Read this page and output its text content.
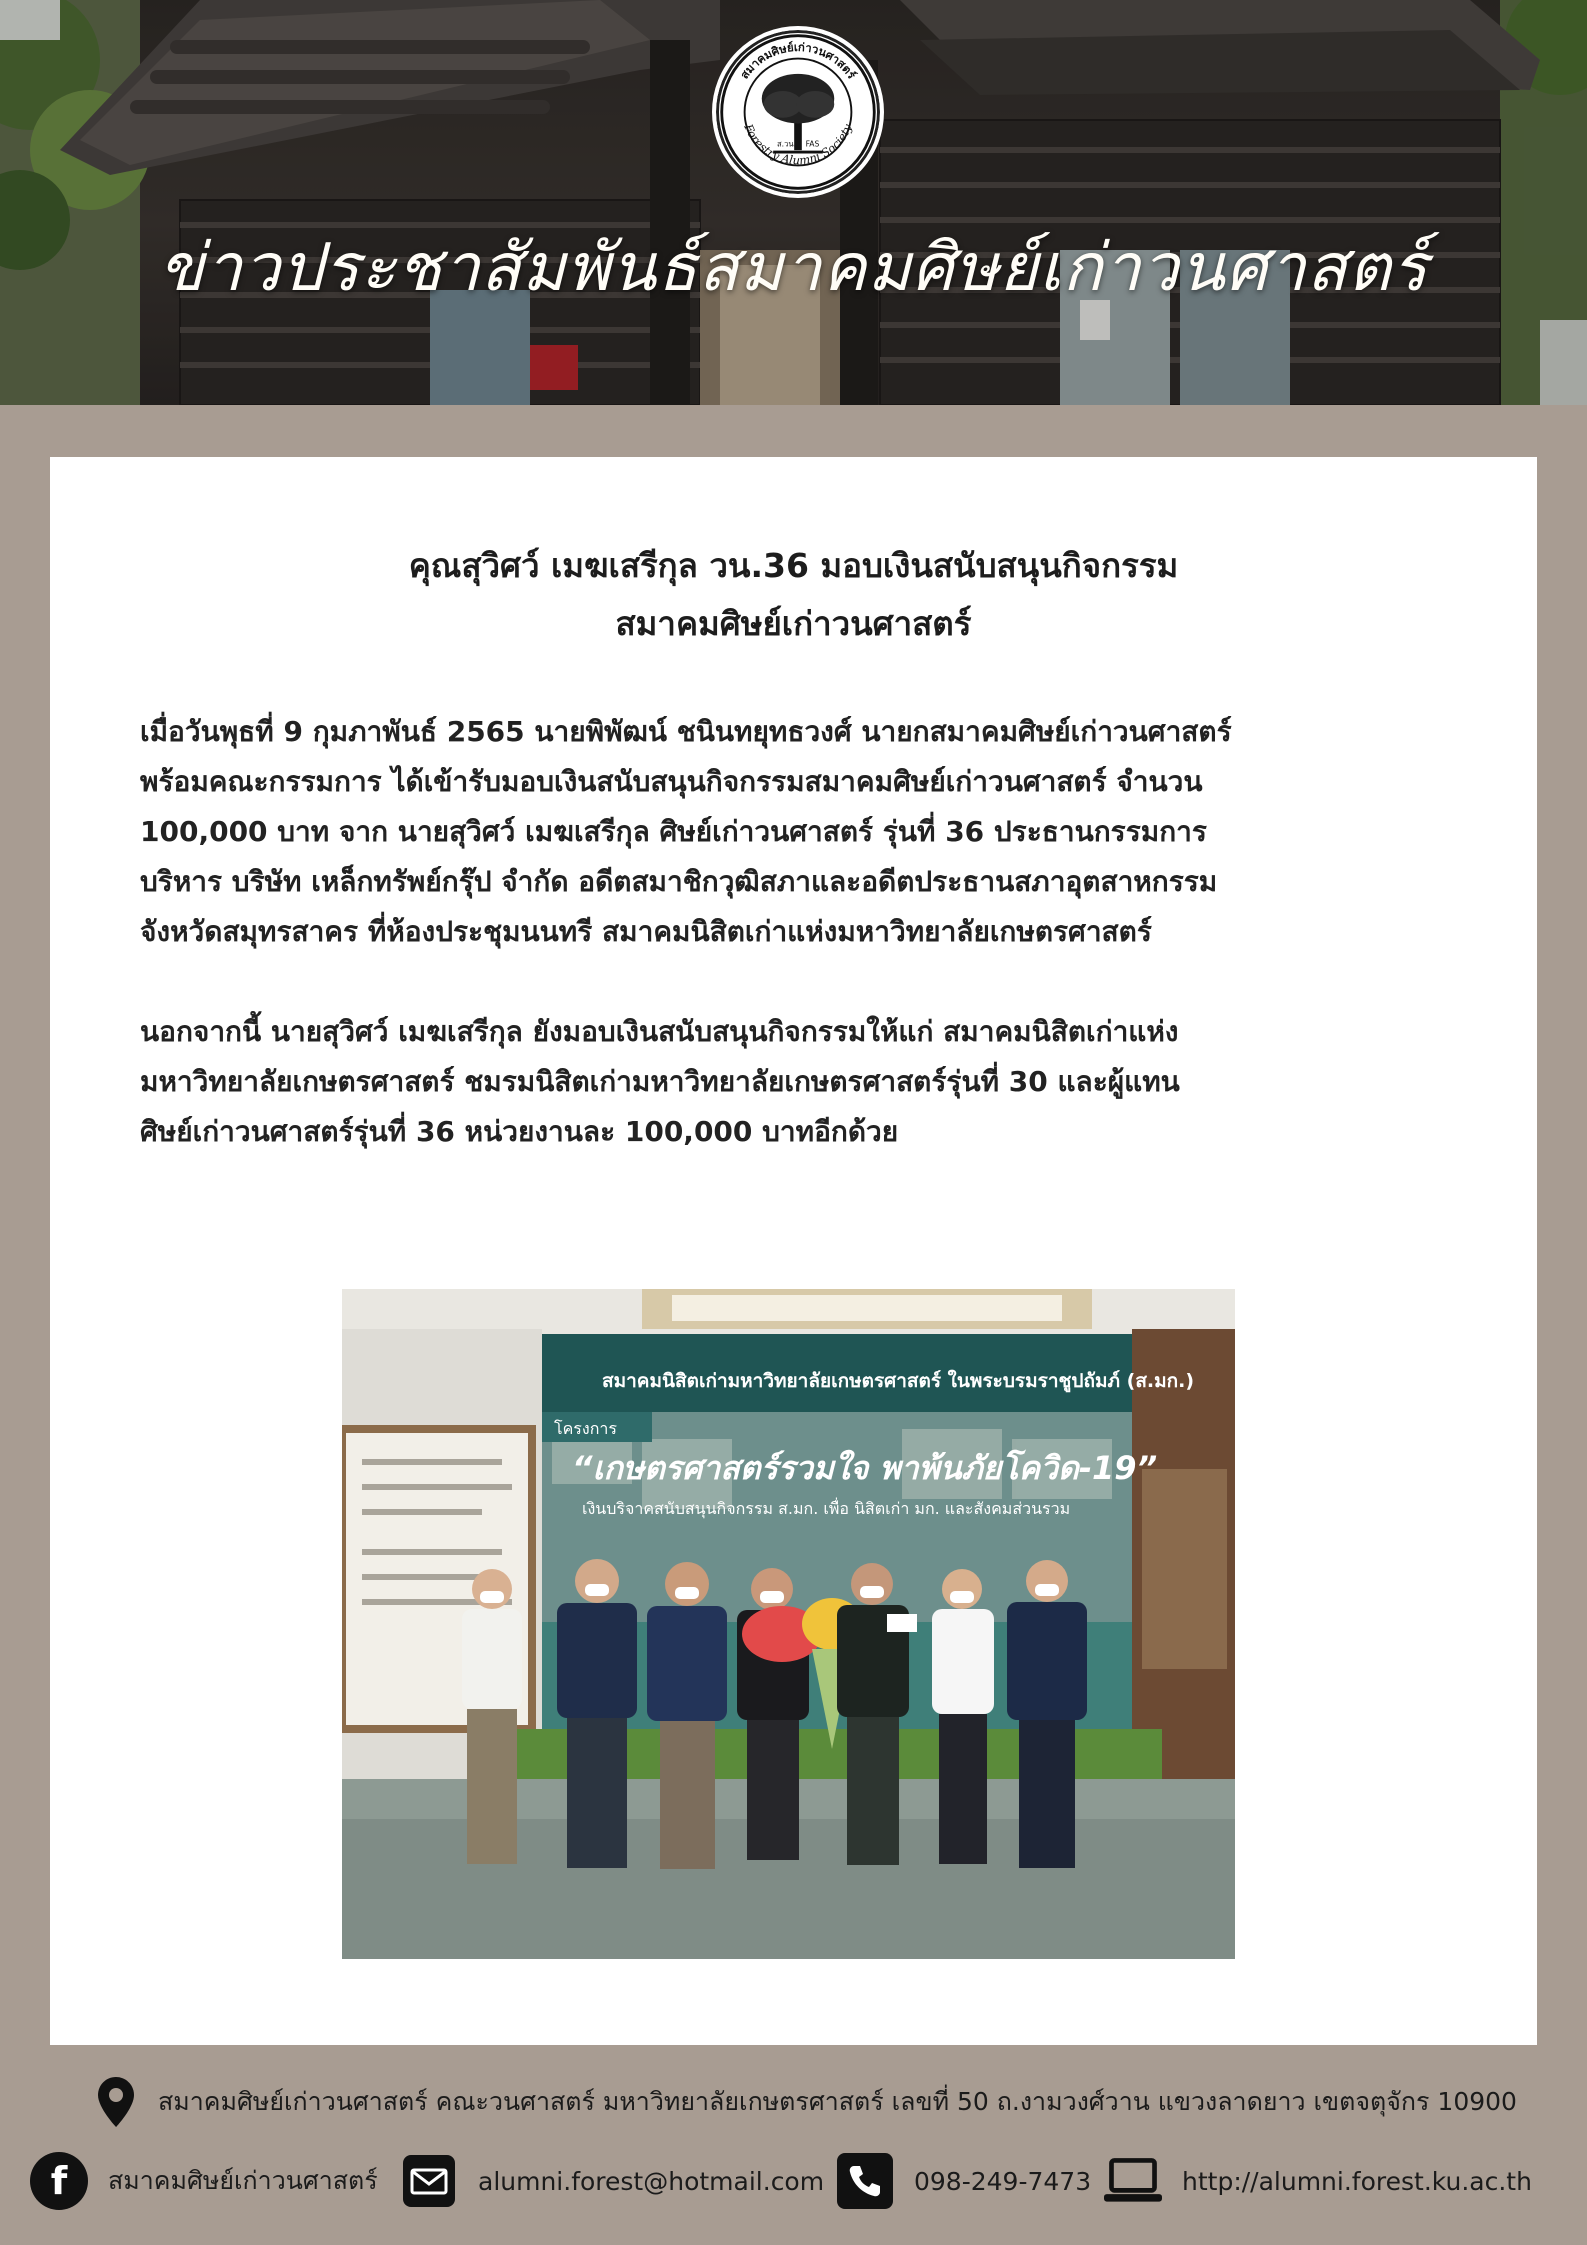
ส.วน. FAS
สมาคมศิษย์เก่าวนศาสตร์
Forestry Alumni Society
ข่าวประชาสัมพันธ์สมาคมศิษย์เก่าวนศาสตร์
คุณสุวิศว์ เมฆเสรีกุล วน.36 มอบเงินสนับสนุนกิจกรรม
สมาคมศิษย์เก่าวนศาสตร์
เมื่อวันพุธที่ 9 กุมภาพันธ์ 2565 นายพิพัฒน์ ชนินทยุทธวงศ์ นายกสมาคมศิษย์เก่าวนศาสตร์
พร้อมคณะกรรมการ ได้เข้ารับมอบเงินสนับสนุนกิจกรรมสมาคมศิษย์เก่าวนศาสตร์ จำนวน
100,000 บาท จาก นายสุวิศว์ เมฆเสรีกุล ศิษย์เก่าวนศาสตร์ รุ่นที่ 36 ประธานกรรมการ
บริหาร บริษัท เหล็กทรัพย์กรุ๊ป จำกัด อดีตสมาชิกวุฒิสภาและอดีตประธานสภาอุตสาหกรรม
จังหวัดสมุทรสาคร ที่ห้องประชุมนนทรี สมาคมนิสิตเก่าแห่งมหาวิทยาลัยเกษตรศาสตร์
นอกจากนี้ นายสุวิศว์ เมฆเสรีกุล ยังมอบเงินสนับสนุนกิจกรรมให้แก่ สมาคมนิสิตเก่าแห่ง
มหาวิทยาลัยเกษตรศาสตร์ ชมรมนิสิตเก่ามหาวิทยาลัยเกษตรศาสตร์รุ่นที่ 30 และผู้แทน
ศิษย์เก่าวนศาสตร์รุ่นที่ 36 หน่วยงานละ 100,000 บาทอีกด้วย
สมาคมนิสิตเก่ามหาวิทยาลัยเกษตรศาสตร์ ในพระบรมราชูปถัมภ์ (ส.มก.)
โครงการ
“เกษตรศาสตร์รวมใจ พาพ้นภัยโควิด-19”
เงินบริจาคสนับสนุนกิจกรรม ส.มก. เพื่อ นิสิตเก่า มก. และสังคมส่วนรวม
สมาคมศิษย์เก่าวนศาสตร์ คณะวนศาสตร์ มหาวิทยาลัยเกษตรศาสตร์ เลขที่ 50 ถ.งามวงศ์วาน แขวงลาดยาว เขตจตุจักร 10900
f สมาคมศิษย์เก่าวนศาสตร์	alumni.forest@hotmail.com	098-249-7473	http://alumni.forest.ku.ac.th
